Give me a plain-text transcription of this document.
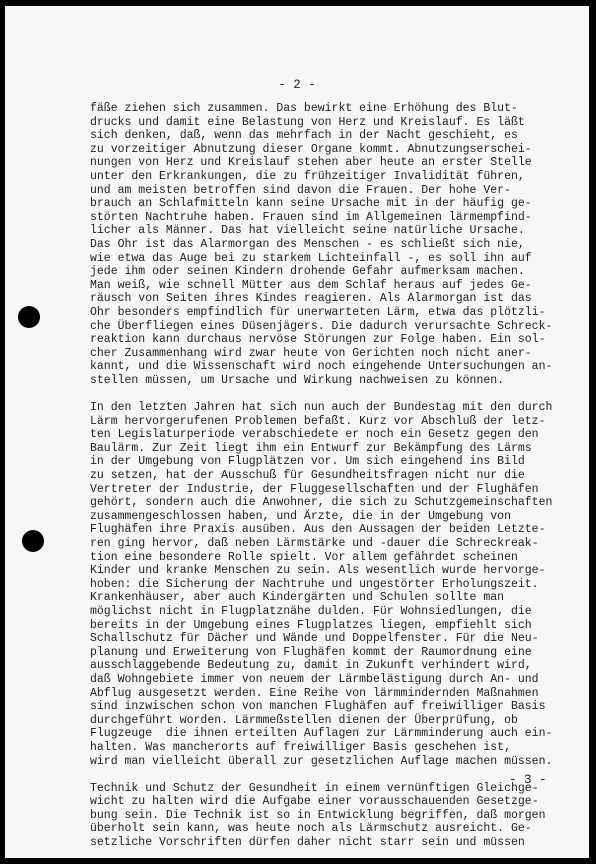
- 2 -
fäße ziehen sich zusammen. Das bewirkt eine Erhöhung des Blut-
drucks und damit eine Belastung von Herz und Kreislauf. Es läßt
sich denken, daß, wenn das mehrfach in der Nacht geschieht, es
zu vorzeitiger Abnutzung dieser Organe kommt. Abnutzungserschei-
nungen von Herz und Kreislauf stehen aber heute an erster Stelle
unter den Erkrankungen, die zu frühzeitiger Invalidität führen,
und am meisten betroffen sind davon die Frauen. Der hohe Ver-
brauch an Schlafmitteln kann seine Ursache mit in der häufig ge-
störten Nachtruhe haben. Frauen sind im Allgemeinen lärmempfind-
licher als Männer. Das hat vielleicht seine natürliche Ursache.
Das Ohr ist das Alarmorgan des Menschen - es schließt sich nie,
wie etwa das Auge bei zu starkem Lichteinfall -, es soll ihn auf
jede ihm oder seinen Kindern drohende Gefahr aufmerksam machen.
Man weiß, wie schnell Mütter aus dem Schlaf heraus auf jedes Ge-
räusch von Seiten ihres Kindes reagieren. Als Alarmorgan ist das
Ohr besonders empfindlich für unerwarteten Lärm, etwa das plötzli-
che Überfliegen eines Düsenjägers. Die dadurch verursachte Schreck-
reaktion kann durchaus nervöse Störungen zur Folge haben. Ein sol-
cher Zusammenhang wird zwar heute von Gerichten noch nicht aner-
kannt, und die Wissenschaft wird noch eingehende Untersuchungen an-
stellen müssen, um Ursache und Wirkung nachweisen zu können.
In den letzten Jahren hat sich nun auch der Bundestag mit den durch
Lärm hervorgerufenen Problemen befaßt. Kurz vor Abschluß der letz-
ten Legislaturperiode verabschiedete er noch ein Gesetz gegen den
Baulärm. Zur Zeit liegt ihm ein Entwurf zur Bekämpfung des Lärms
in der Umgebung von Flugplätzen vor. Um sich eingehend ins Bild
zu setzen, hat der Ausschuß für Gesundheitsfragen nicht nur die
Vertreter der Industrie, der Fluggesellschaften und der Flughäfen
gehört, sondern auch die Anwohner, die sich zu Schutzgemeinschaften
zusammengeschlossen haben, und Ärzte, die in der Umgebung von
Flughäfen ihre Praxis ausüben. Aus den Aussagen der beiden Letzte-
ren ging hervor, daß neben Lärmstärke und -dauer die Schreckreak-
tion eine besondere Rolle spielt. Vor allem gefährdet scheinen
Kinder und kranke Menschen zu sein. Als wesentlich wurde hervorge-
hoben: die Sicherung der Nachtruhe und ungestörter Erholungszeit.
Krankenhäuser, aber auch Kindergärten und Schulen sollte man
möglichst nicht in Flugplatznähe dulden. Für Wohnsiedlungen, die
bereits in der Umgebung eines Flugplatzes liegen, empfiehlt sich
Schallschutz für Dächer und Wände und Doppelfenster. Für die Neu-
planung und Erweiterung von Flughäfen kommt der Raumordnung eine
ausschlaggebende Bedeutung zu, damit in Zukunft verhindert wird,
daß Wohngebiete immer von neuem der Lärmbelästigung durch An- und
Abflug ausgesetzt werden. Eine Reihe von lärmmindernden Maßnahmen
sind inzwischen schon von manchen Flughäfen auf freiwilliger Basis
durchgeführt worden. Lärmmeßstellen dienen der Überprüfung, ob
Flugzeuge  die ihnen erteilten Auflagen zur Lärmminderung auch ein-
halten. Was mancherorts auf freiwilliger Basis geschehen ist,
wird man vielleicht überall zur gesetzlichen Auflage machen müssen.
Technik und Schutz der Gesundheit in einem vernünftigen Gleichge-
wicht zu halten wird die Aufgabe einer vorausschauenden Gesetzge-
bung sein. Die Technik ist so in Entwicklung begriffen, daß morgen
überholt sein kann, was heute noch als Lärmschutz ausreicht. Ge-
setzliche Vorschriften dürfen daher nicht starr sein und müssen
- 3 -
